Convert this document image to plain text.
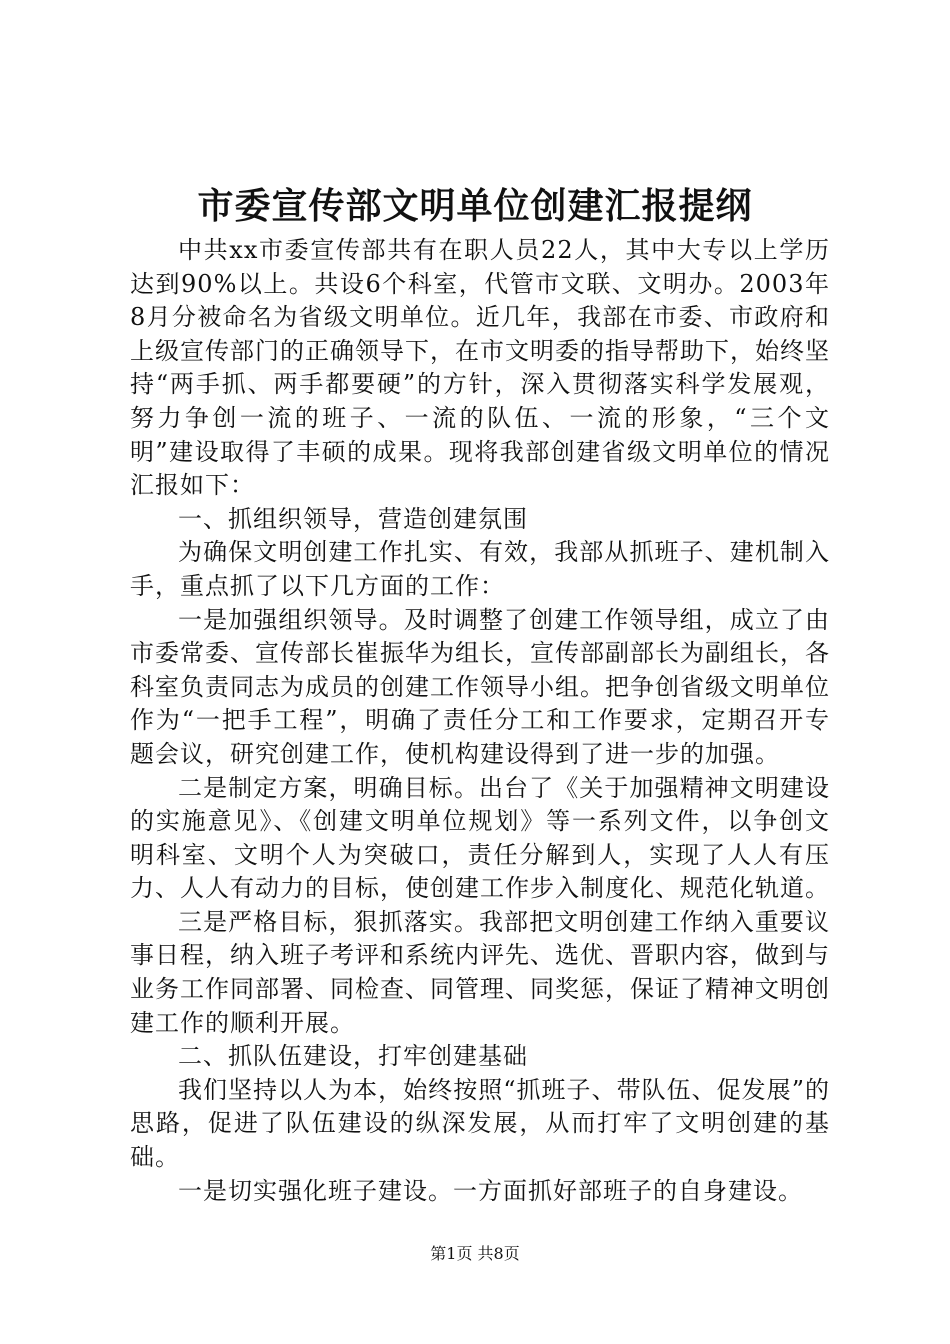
市委宣传部文明单位创建汇报提纲

中共xx市委宣传部共有在职人员22人，其中大专以上学历达到90%以上。共设6个科室，代管市文联、文明办。2003年8月分被命名为省级文明单位。近几年，我部在市委、市政府和上级宣传部门的正确领导下，在市文明委的指导帮助下，始终坚持“两手抓、两手都要硬”的方针，深入贯彻落实科学发展观，努力争创一流的班子、一流的队伍、一流的形象，“三个文明”建设取得了丰硕的成果。现将我部创建省级文明单位的情况汇报如下：

一、抓组织领导，营造创建氛围

为确保文明创建工作扎实、有效，我部从抓班子、建机制入手，重点抓了以下几方面的工作：

一是加强组织领导。及时调整了创建工作领导组，成立了由市委常委、宣传部长崔振华为组长，宣传部副部长为副组长，各科室负责同志为成员的创建工作领导小组。把争创省级文明单位作为“一把手工程”，明确了责任分工和工作要求，定期召开专题会议，研究创建工作，使机构建设得到了进一步的加强。

二是制定方案，明确目标。出台了《关于加强精神文明建设的实施意见》、《创建文明单位规划》等一系列文件，以争创文明科室、文明个人为突破口，责任分解到人，实现了人人有压力、人人有动力的目标，使创建工作步入制度化、规范化轨道。

三是严格目标，狠抓落实。我部把文明创建工作纳入重要议事日程，纳入班子考评和系统内评先、选优、晋职内容，做到与业务工作同部署、同检查、同管理、同奖惩，保证了精神文明创建工作的顺利开展。

二、抓队伍建设，打牢创建基础

我们坚持以人为本，始终按照“抓班子、带队伍、促发展”的思路，促进了队伍建设的纵深发展，从而打牢了文明创建的基础。

一是切实强化班子建设。一方面抓好部班子的自身建设。

第1页 共8页
